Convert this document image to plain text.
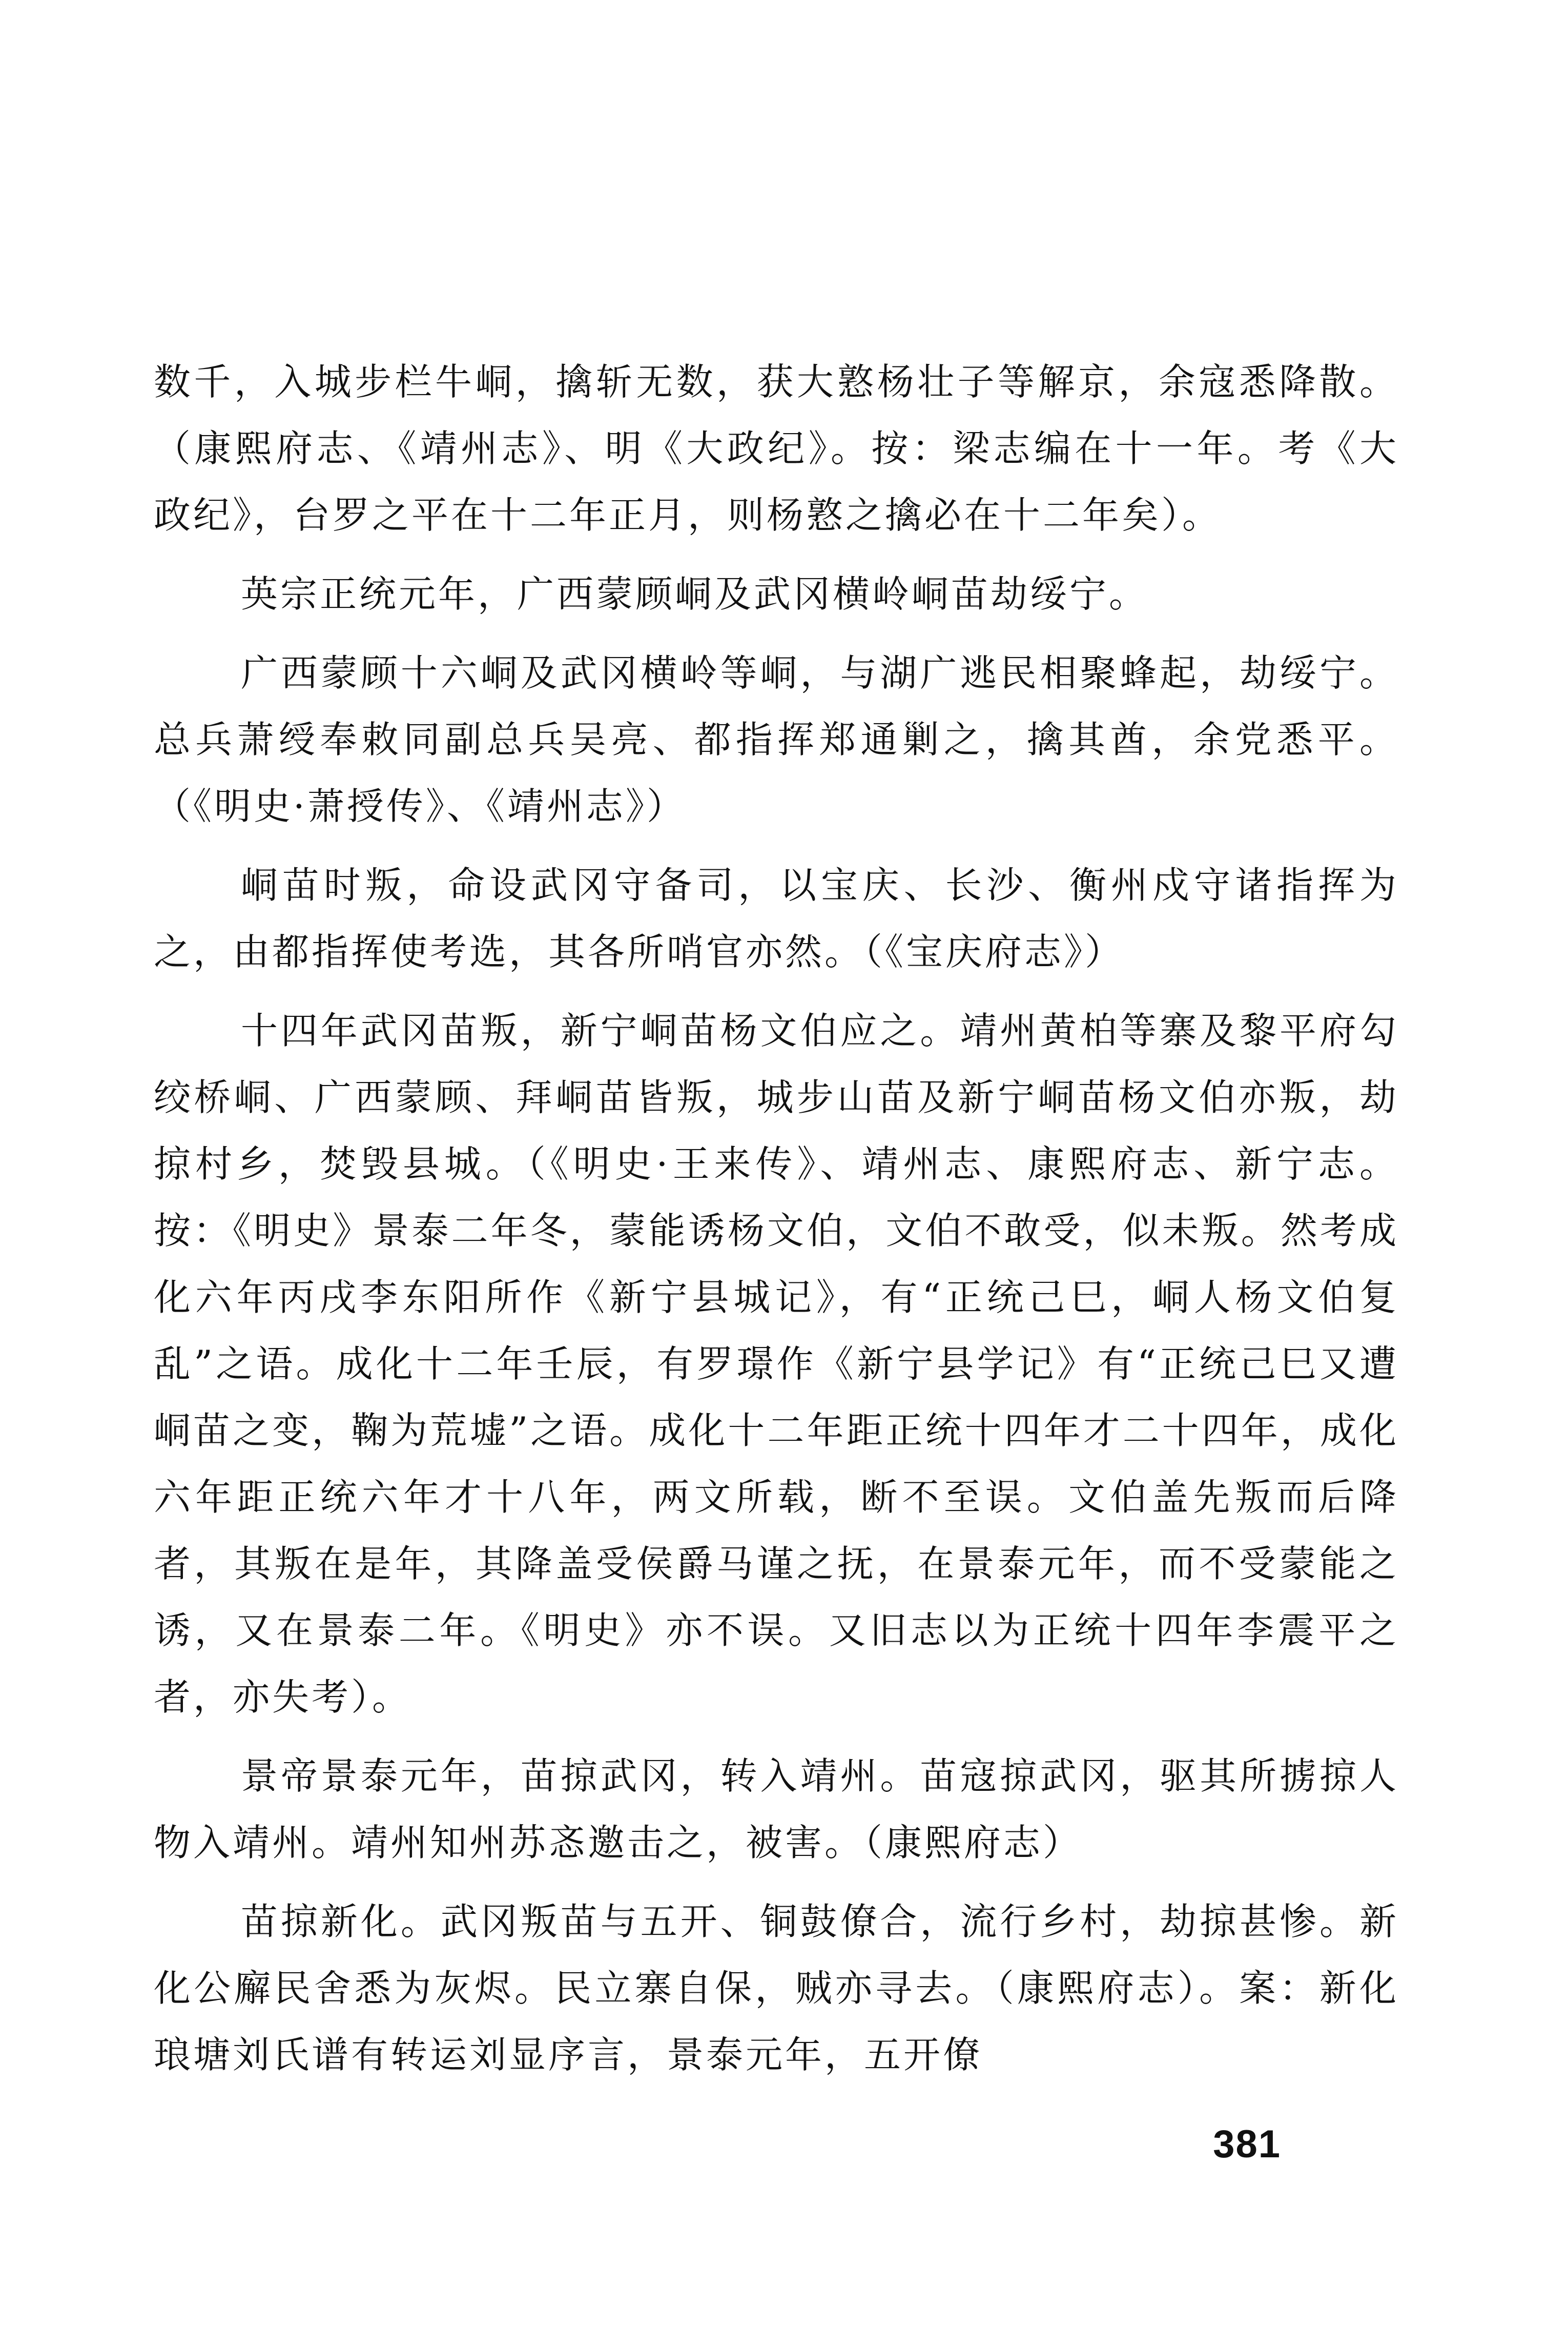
数千，入城步栏牛峒，擒斩无数，获大憝杨壮子等解京，余寇悉降散。（康熙府志、《靖州志》、明《大政纪》。按：梁志编在十一年。考《大政纪》，台罗之平在十二年正月，则杨憝之擒必在十二年矣）。

英宗正统元年，广西蒙顾峒及武冈横岭峒苗劫绥宁。

广西蒙顾十六峒及武冈横岭等峒，与湖广逃民相聚蜂起，劫绥宁。总兵萧绶奉敕同副总兵吴亮、都指挥郑通剿之，擒其酋，余党悉平。（《明史·萧授传》、《靖州志》）

峒苗时叛，命设武冈守备司，以宝庆、长沙、衡州戍守诸指挥为之，由都指挥使考选，其各所哨官亦然。（《宝庆府志》）

十四年武冈苗叛，新宁峒苗杨文伯应之。靖州黄柏等寨及黎平府勾绞桥峒、广西蒙顾、拜峒苗皆叛，城步山苗及新宁峒苗杨文伯亦叛，劫掠村乡，焚毁县城。（《明史·王来传》、靖州志、康熙府志、新宁志。按：《明史》景泰二年冬，蒙能诱杨文伯，文伯不敢受，似未叛。然考成化六年丙戌李东阳所作《新宁县城记》，有“正统己巳，峒人杨文伯复乱”之语。成化十二年壬辰，有罗璟作《新宁县学记》有“正统己巳又遭峒苗之变，鞠为荒墟”之语。成化十二年距正统十四年才二十四年，成化六年距正统六年才十八年，两文所载，断不至误。文伯盖先叛而后降者，其叛在是年，其降盖受侯爵马谨之抚，在景泰元年，而不受蒙能之诱，又在景泰二年。《明史》亦不误。又旧志以为正统十四年李震平之者，亦失考）。

景帝景泰元年，苗掠武冈，转入靖州。苗寇掠武冈，驱其所掳掠人物入靖州。靖州知州苏忞邀击之，被害。（康熙府志）

苗掠新化。武冈叛苗与五开、铜鼓僚合，流行乡村，劫掠甚惨。新化公廨民舍悉为灰烬。民立寨自保，贼亦寻去。（康熙府志）。案：新化琅塘刘氏谱有转运刘显序言，景泰元年，五开僚

381
